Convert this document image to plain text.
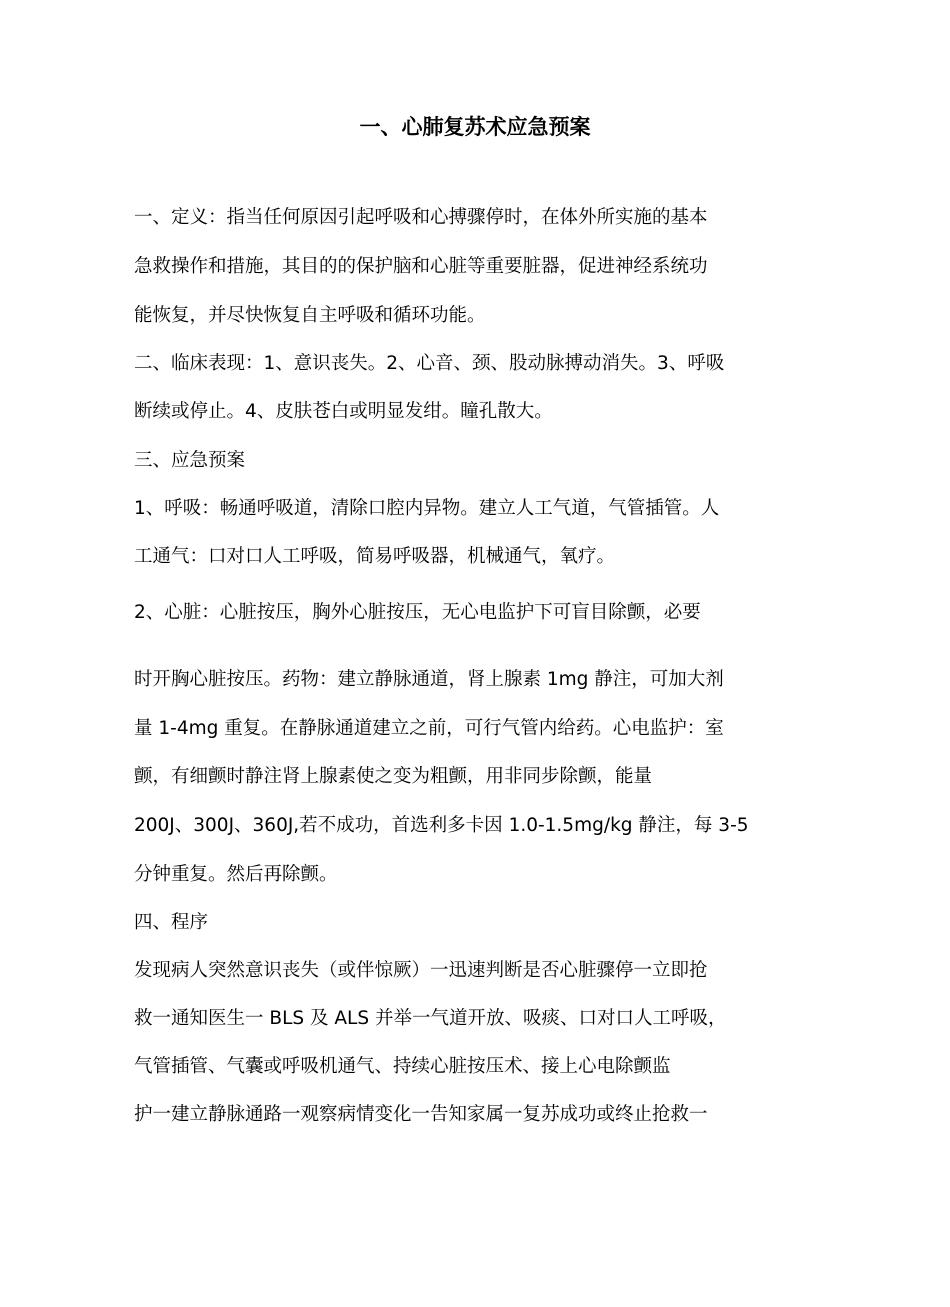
一、心肺复苏术应急预案
一、定义：指当任何原因引起呼吸和心搏骤停时，在体外所实施的基本
急救操作和措施，其目的的保护脑和心脏等重要脏器，促进神经系统功
能恢复，并尽快恢复自主呼吸和循环功能。
二、临床表现：1、意识丧失。2、心音、颈、股动脉搏动消失。3、呼吸
断续或停止。4、皮肤苍白或明显发绀。瞳孔散大。
三、应急预案
1、呼吸：畅通呼吸道，清除口腔内异物。建立人工气道，气管插管。人
工通气：口对口人工呼吸，简易呼吸器，机械通气，氧疗。
2、心脏：心脏按压，胸外心脏按压，无心电监护下可盲目除颤，必要
时开胸心脏按压。药物：建立静脉通道，肾上腺素 1mg 静注，可加大剂
量 1-4mg 重复。在静脉通道建立之前，可行气管内给药。心电监护：室
颤，有细颤时静注肾上腺素使之变为粗颤，用非同步除颤，能量
200J、300J、360J,若不成功，首选利多卡因 1.0-1.5mg/kg 静注，每 3-5
分钟重复。然后再除颤。
四、程序
发现病人突然意识丧失（或伴惊厥）一迅速判断是否心脏骤停一立即抢
救一通知医生一 BLS 及 ALS 并举一气道开放、吸痰、口对口人工呼吸，
气管插管、气囊或呼吸机通气、持续心脏按压术、接上心电除颤监
护一建立静脉通路一观察病情变化一告知家属一复苏成功或终止抢救一
